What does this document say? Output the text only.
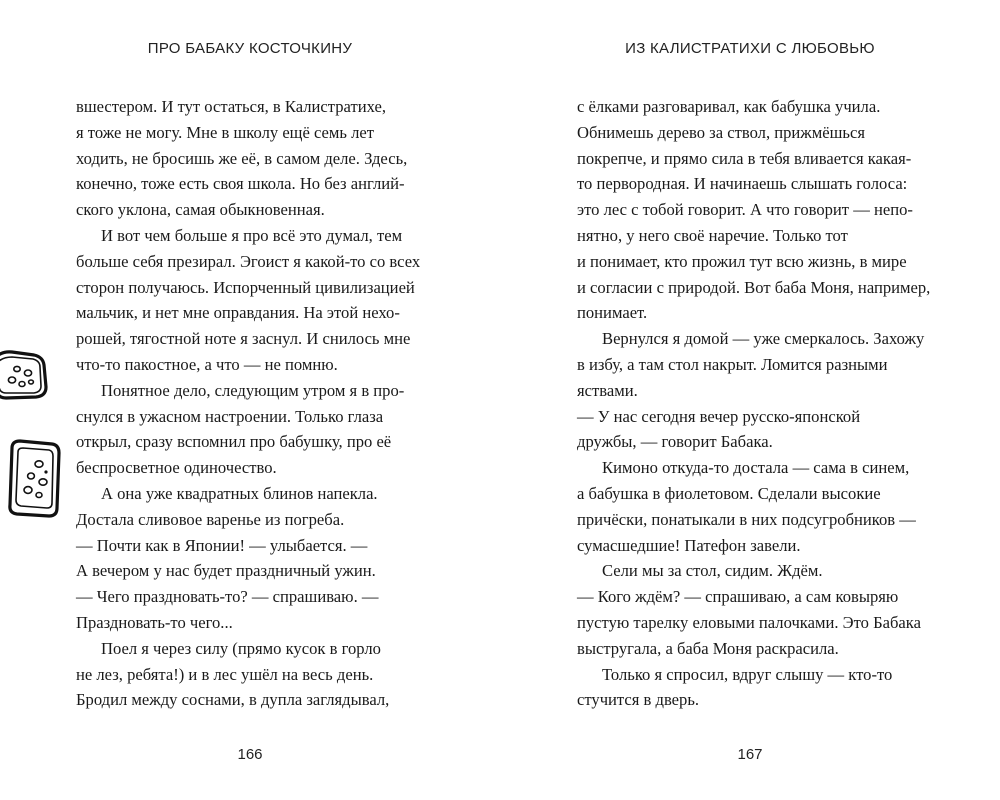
ПРО БАБАКУ КОСТОЧКИНУ
вшестером. И тут остаться, в Калистратихе,
я тоже не могу. Мне в школу ещё семь лет
ходить, не бросишь же её, в самом деле. Здесь,
конечно, тоже есть своя школа. Но без англий-
ского уклона, самая обыкновенная.
И вот чем больше я про всё это думал, тем
больше себя презирал. Эгоист я какой-то со всех
сторон получаюсь. Испорченный цивилизацией
мальчик, и нет мне оправдания. На этой нехо-
рошей, тягостной ноте я заснул. И снилось мне
что-то пакостное, а что — не помню.
Понятное дело, следующим утром я в про-
снулся в ужасном настроении. Только глаза
открыл, сразу вспомнил про бабушку, про её
беспросветное одиночество.
А она уже квадратных блинов напекла.
Достала сливовое варенье из погреба.
— Почти как в Японии! — улыбается. —
А вечером у нас будет праздничный ужин.
— Чего праздновать-то? — спрашиваю. —
Праздновать-то чего...
Поел я через силу (прямо кусок в горло
не лез, ребята!) и в лес ушёл на весь день.
Бродил между соснами, в дупла заглядывал,
166
ИЗ КАЛИСТРАТИХИ С ЛЮБОВЬЮ
с ёлками разговаривал, как бабушка учила.
Обнимешь дерево за ствол, прижмёшься
покрепче, и прямо сила в тебя вливается какая-
то первородная. И начинаешь слышать голоса:
это лес с тобой говорит. А что говорит — непо-
нятно, у него своё наречие. Только тот
и понимает, кто прожил тут всю жизнь, в мире
и согласии с природой. Вот баба Моня, например,
понимает.
Вернулся я домой — уже смеркалось. Захожу
в избу, а там стол накрыт. Ломится разными
яствами.
— У нас сегодня вечер русско-японской
дружбы, — говорит Бабака.
Кимоно откуда-то достала — сама в синем,
а бабушка в фиолетовом. Сделали высокие
причёски, понатыкали в них подсугробников —
сумасшедшие! Патефон завели.
Сели мы за стол, сидим. Ждём.
— Кого ждём? — спрашиваю, а сам ковыряю
пустую тарелку еловыми палочками. Это Бабака
выстругала, а баба Моня раскрасила.
Только я спросил, вдруг слышу — кто-то
стучится в дверь.
167
